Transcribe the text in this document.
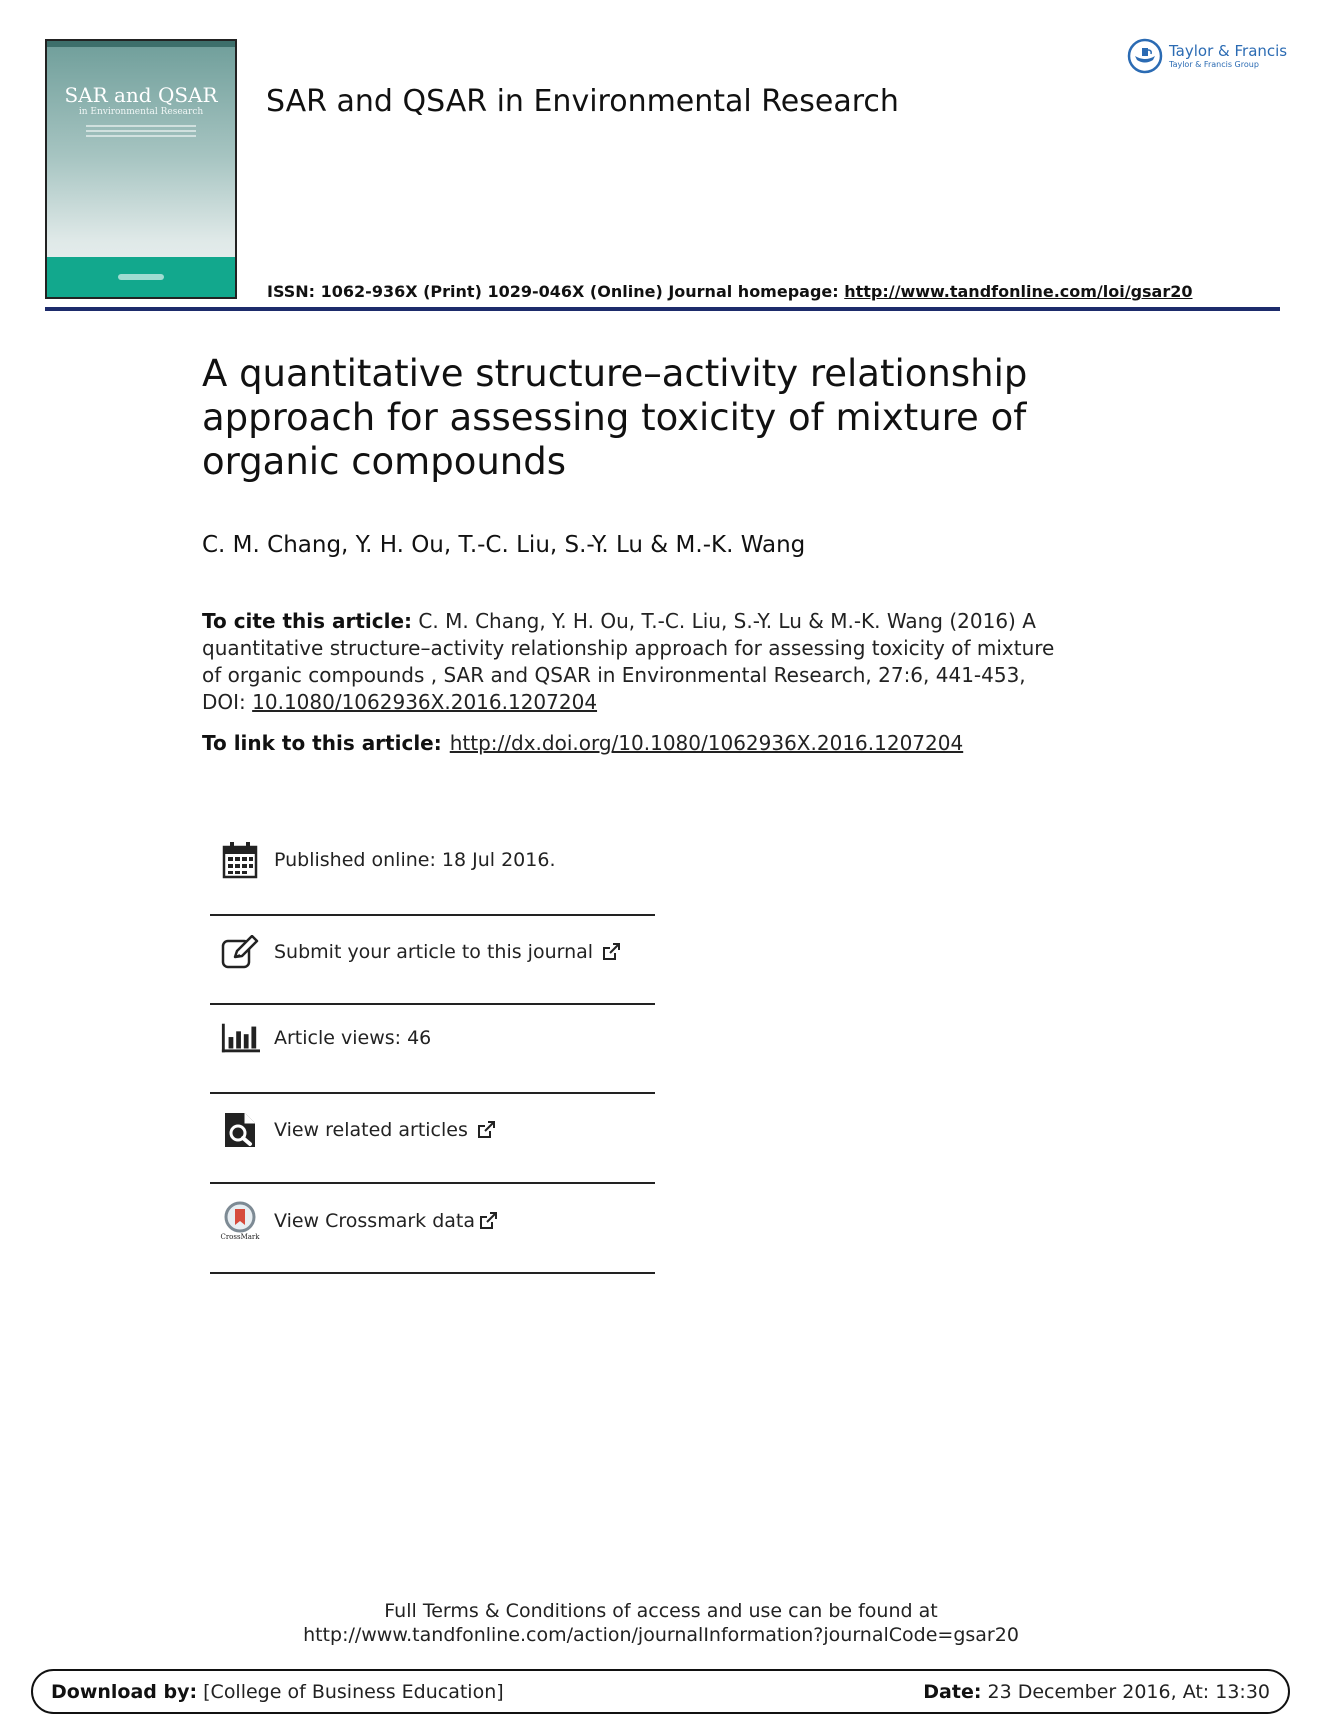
SAR and QSAR
in Environmental Research	SAR and QSAR in Environmental Research
Taylor & Francis
Taylor & Francis Group
ISSN: 1062-936X (Print) 1029-046X (Online) Journal homepage: http://www.tandfonline.com/loi/gsar20
A quantitative structure–activity relationship approach for assessing toxicity of mixture of organic compounds
C. M. Chang, Y. H. Ou, T.-C. Liu, S.-Y. Lu & M.-K. Wang
To cite this article: C. M. Chang, Y. H. Ou, T.-C. Liu, S.-Y. Lu & M.-K. Wang (2016) A quantitative structure–activity relationship approach for assessing toxicity of mixture of organic compounds , SAR and QSAR in Environmental Research, 27:6, 441-453, DOI: 10.1080/1062936X.2016.1207204
To link to this article: http://dx.doi.org/10.1080/1062936X.2016.1207204
Published online: 18 Jul 2016.
Submit your article to this journal
Article views: 46
View related articles
CrossMark
View Crossmark data
Full Terms & Conditions of access and use can be found at
http://www.tandfonline.com/action/journalInformation?journalCode=gsar20
Download by: [College of Business Education]	Date: 23 December 2016, At: 13:30
